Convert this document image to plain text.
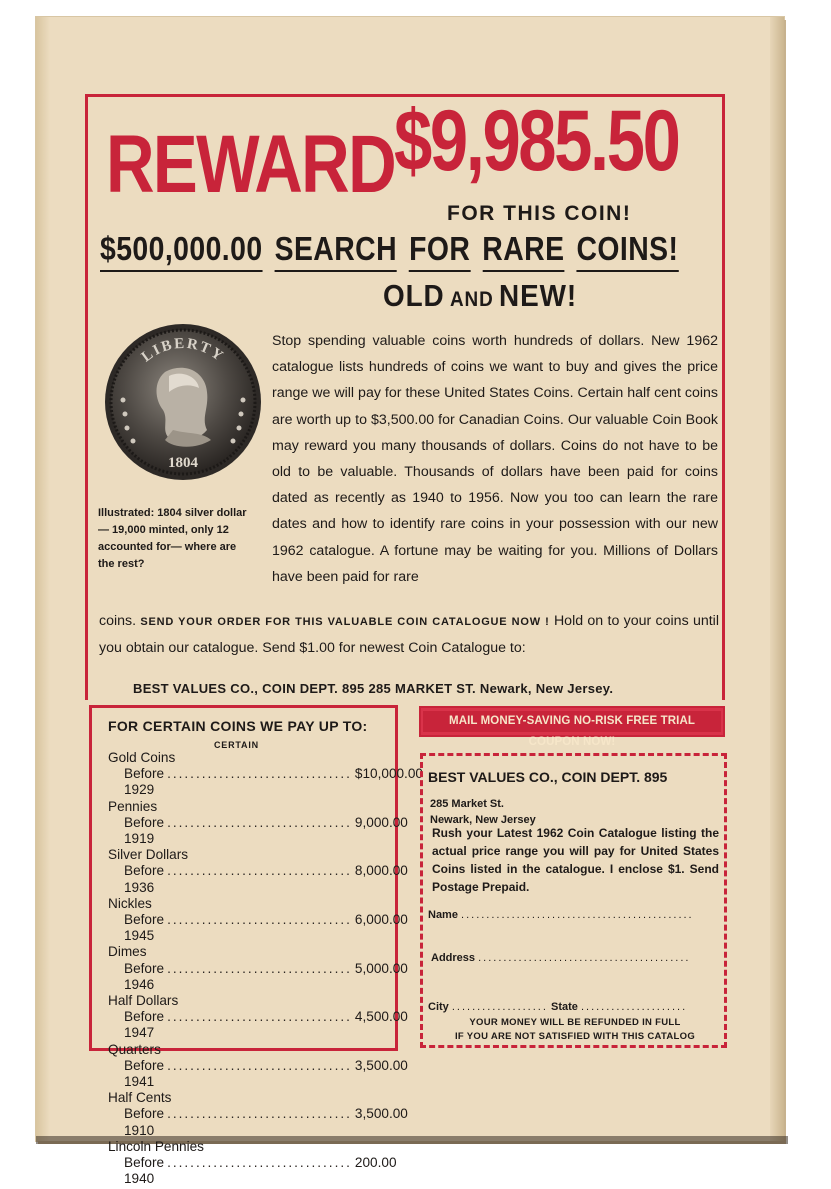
REWARD $9,985.50
FOR THIS COIN!
$500,000.00 SEARCH FOR RARE COINS!
OLD AND NEW!
LIBERTY
1804
Illustrated: 1804 silver dollar — 19,000 minted, only 12 accounted for— where are the rest?
Stop spending valuable coins worth hundreds of dollars. New 1962 catalogue lists hundreds of coins we want to buy and gives the price range we will pay for these United States Coins. Certain half cent coins are worth up to $3,500.00 for Canadian Coins. Our valuable Coin Book may reward you many thousands of dollars. Coins do not have to be old to be valuable. Thousands of dollars have been paid for coins dated as recently as 1940 to 1956. Now you too can learn the rare dates and how to identify rare coins in your possession with our new 1962 catalogue. A fortune may be waiting for you. Millions of Dollars have been paid for rare
coins. SEND YOUR ORDER FOR THIS VALUABLE COIN CATALOGUE NOW ! Hold on to your coins until you obtain our catalogue. Send $1.00 for newest Coin Catalogue to:
BEST VALUES CO., COIN DEPT. 895 285 MARKET ST. Newark, New Jersey.
FOR CERTAIN COINS WE PAY UP TO:
CERTAIN
Gold Coins
Before 1929
................................ $10,000.00
Pennies
Before 1919
................................ 9,000.00
Silver Dollars
Before 1936
................................ 8,000.00
Nickles
Before 1945
................................ 6,000.00
Dimes
Before 1946
................................ 5,000.00
Half Dollars
Before 1947
................................ 4,500.00
Quarters
Before 1941
................................ 3,500.00
Half Cents
Before 1910
................................ 3,500.00
Lincoln Pennies
Before 1940
................................ 200.00
MAIL MONEY-SAVING NO-RISK FREE TRIAL COUPON NOW!
BEST VALUES CO., COIN DEPT. 895
285 Market St.
Newark, New Jersey
Rush your Latest 1962 Coin Catalogue listing the actual price range you will pay for United States Coins listed in the catalogue. I enclose $1. Send Postage Prepaid.
Name ..............................................
Address ..........................................
City ................... State .....................
YOUR MONEY WILL BE REFUNDED IN FULL
IF YOU ARE NOT SATISFIED WITH THIS CATALOG
